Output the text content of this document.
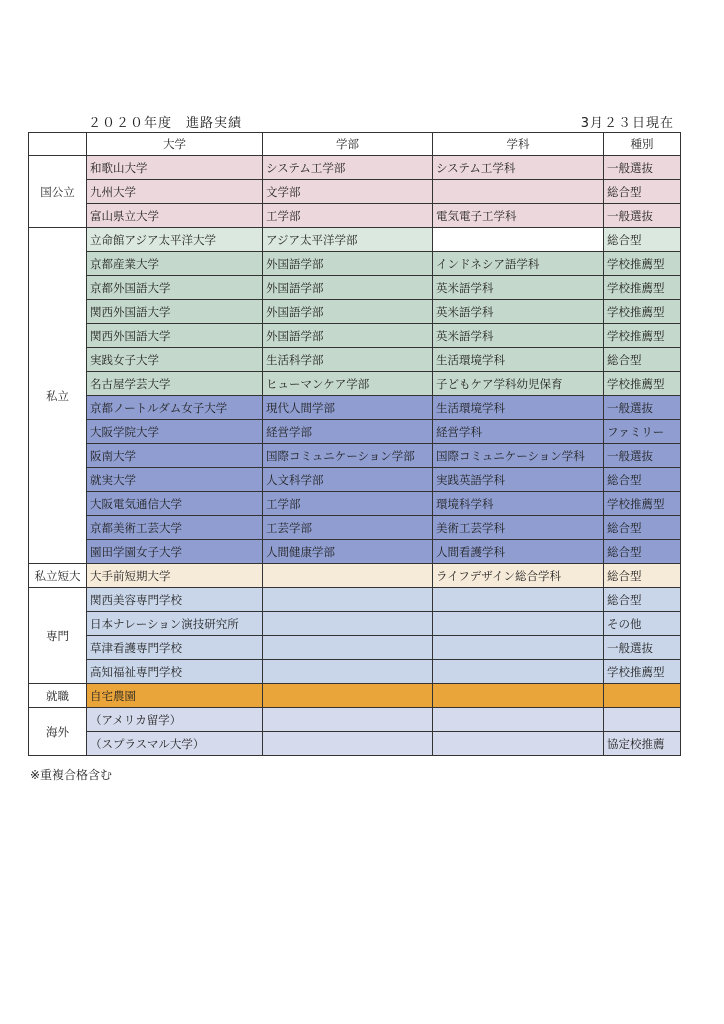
２０２０年度　進路実績	3月２３日現在
	大学	学部	学科	種別
国公立	和歌山大学	システム工学部	システム工学科	一般選抜
	九州大学	文学部		総合型
	富山県立大学	工学部	電気電子工学科	一般選抜
私立	立命館アジア太平洋大学	アジア太平洋学部		総合型
	京都産業大学	外国語学部	インドネシア語学科	学校推薦型
	京都外国語大学	外国語学部	英米語学科	学校推薦型
	関西外国語大学	外国語学部	英米語学科	学校推薦型
	関西外国語大学	外国語学部	英米語学科	学校推薦型
	実践女子大学	生活科学部	生活環境学科	総合型
	名古屋学芸大学	ヒューマンケア学部	子どもケア学科幼児保育	学校推薦型
	京都ノートルダム女子大学	現代人間学部	生活環境学科	一般選抜
	大阪学院大学	経営学部	経営学科	ファミリー
	阪南大学	国際コミュニケーション学部	国際コミュニケーション学科	一般選抜
	就実大学	人文科学部	実践英語学科	総合型
	大阪電気通信大学	工学部	環境科学科	学校推薦型
	京都美術工芸大学	工芸学部	美術工芸学科	総合型
	園田学園女子大学	人間健康学部	人間看護学科	総合型
私立短大	大手前短期大学		ライフデザイン総合学科	総合型
専門	関西美容専門学校			総合型
	日本ナレーション演技研究所			その他
	草津看護専門学校			一般選抜
	高知福祉専門学校			学校推薦型
就職	自宅農園			
海外	（アメリカ留学）			
	（スプラスマル大学）			協定校推薦
※重複合格含む
